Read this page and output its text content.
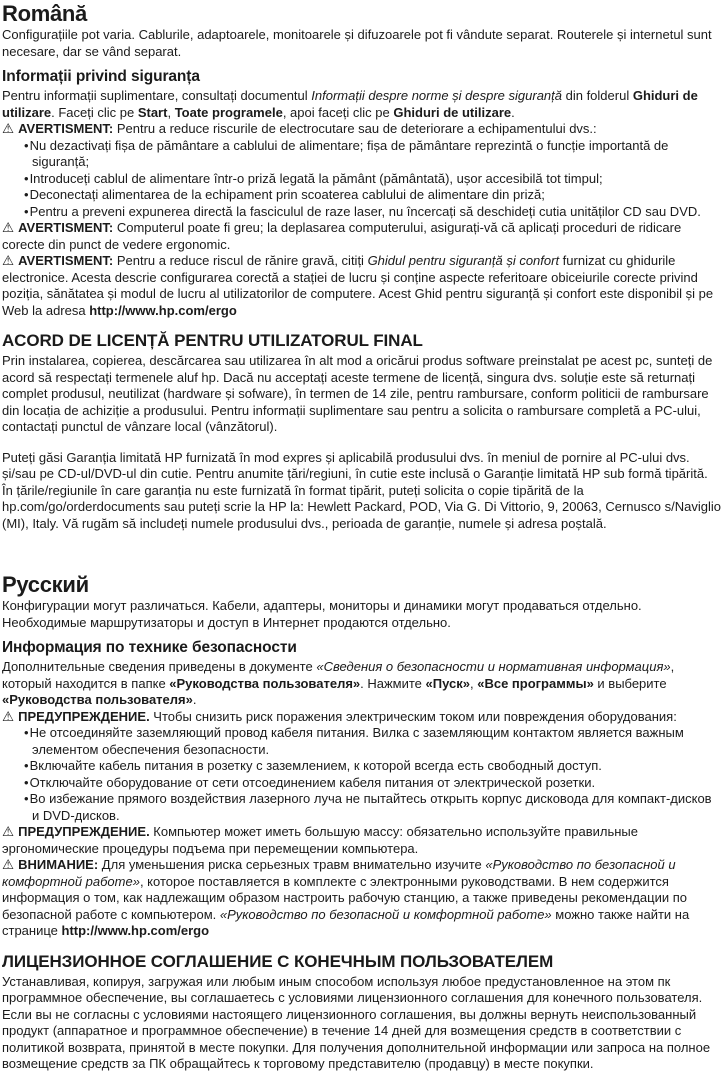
Română

Configurațiile pot varia. Cablurile, adaptoarele, monitoarele și difuzoarele pot fi vândute separat. Routerele și internetul sunt necesare, dar se vând separat.

Informații privind siguranța

Pentru informații suplimentare, consultați documentul Informații despre norme și despre siguranță din folderul Ghiduri de utilizare. Faceți clic pe Start, Toate programele, apoi faceți clic pe Ghiduri de utilizare.

⚠ AVERTISMENT: Pentru a reduce riscurile de electrocutare sau de deteriorare a echipamentului dvs.:

•Nu dezactivați fișa de pământare a cablului de alimentare; fișa de pământare reprezintă o funcție importantă de siguranță;
•Introduceți cablul de alimentare într-o priză legată la pământ (pământată), ușor accesibilă tot timpul;
•Deconectați alimentarea de la echipament prin scoaterea cablului de alimentare din priză;
•Pentru a preveni expunerea directă la fasciculul de raze laser, nu încercați să deschideți cutia unităților CD sau DVD.

⚠ AVERTISMENT: Computerul poate fi greu; la deplasarea computerului, asigurați-vă că aplicați proceduri de ridicare corecte din punct de vedere ergonomic.

⚠ AVERTISMENT: Pentru a reduce riscul de rănire gravă, citiți Ghidul pentru siguranță și confort furnizat cu ghidurile electronice. Acesta descrie configurarea corectă a stației de lucru și conține aspecte referitoare obiceiurile corecte privind poziția, sănătatea și modul de lucru al utilizatorilor de computere. Acest Ghid pentru siguranță și confort este disponibil și pe Web la adresa http://www.hp.com/ergo

ACORD DE LICENȚĂ PENTRU UTILIZATORUL FINAL

Prin instalarea, copierea, descărcarea sau utilizarea în alt mod a oricărui produs software preinstalat pe acest pc, sunteți de acord să respectați termenele aluf hp. Dacă nu acceptați aceste termene de licență, singura dvs. soluție este să returnați complet produsul, neutilizat (hardware și sofware), în termen de 14 zile, pentru rambursare, conform politicii de rambursare din locația de achiziție a produsului. Pentru informații suplimentare sau pentru a solicita o rambursare completă a PC-ului, contactați punctul de vânzare local (vânzătorul).

Puteți găsi Garanția limitată HP furnizată în mod expres și aplicabilă produsului dvs. în meniul de pornire al PC-ului dvs. și/sau pe CD-ul/DVD-ul din cutie. Pentru anumite țări/regiuni, în cutie este inclusă o Garanție limitată HP sub formă tipărită. În țările/regiunile în care garanția nu este furnizată în format tipărit, puteți solicita o copie tipărită de la hp.com/go/orderdocuments sau puteți scrie la HP la: Hewlett Packard, POD, Via G. Di Vittorio, 9, 20063, Cernusco s/Naviglio (MI), Italy. Vă rugăm să includeți numele produsului dvs., perioada de garanție, numele și adresa poștală.

Русский

Конфигурации могут различаться. Кабели, адаптеры, мониторы и динамики могут продаваться отдельно. Необходимые маршрутизаторы и доступ в Интернет продаются отдельно.

Информация по технике безопасности

Дополнительные сведения приведены в документе «Сведения о безопасности и нормативная информация», который находится в папке «Руководства пользователя». Нажмите «Пуск», «Все программы» и выберите «Руководства пользователя».

⚠ ПРЕДУПРЕЖДЕНИЕ. Чтобы снизить риск поражения электрическим током или повреждения оборудования:

•Не отсоединяйте заземляющий провод кабеля питания. Вилка с заземляющим контактом является важным элементом обеспечения безопасности.
•Включайте кабель питания в розетку с заземлением, к которой всегда есть свободный доступ.
•Отключайте оборудование от сети отсоединением кабеля питания от электрической розетки.
•Во избежание прямого воздействия лазерного луча не пытайтесь открыть корпус дисковода для компакт-дисков и DVD-дисков.

⚠ ПРЕДУПРЕЖДЕНИЕ. Компьютер может иметь большую массу: обязательно используйте правильные эргономические процедуры подъема при перемещении компьютера.

⚠ ВНИМАНИЕ: Для уменьшения риска серьезных травм внимательно изучите «Руководство по безопасной и комфортной работе», которое поставляется в комплекте с электронными руководствами. В нем содержится информация о том, как надлежащим образом настроить рабочую станцию, а также приведены рекомендации по безопасной работе с компьютером. «Руководство по безопасной и комфортной работе» можно также найти на странице http://www.hp.com/ergo

ЛИЦЕНЗИОННОЕ СОГЛАШЕНИЕ С КОНЕЧНЫМ ПОЛЬЗОВАТЕЛЕМ

Устанавливая, копируя, загружая или любым иным способом используя любое предустановленное на этом пк программное обеспечение, вы соглашаетесь с условиями лицензионного соглашения для конечного пользователя. Если вы не согласны с условиями настоящего лицензионного соглашения, вы должны вернуть неиспользованный продукт (аппаратное и программное обеспечение) в течение 14 дней для возмещения средств в соответствии с политикой возврата, принятой в месте покупки. Для получения дополнительной информации или запроса на полное возмещение средств за ПК обращайтесь к торговому представителю (продавцу) в месте покупки.
